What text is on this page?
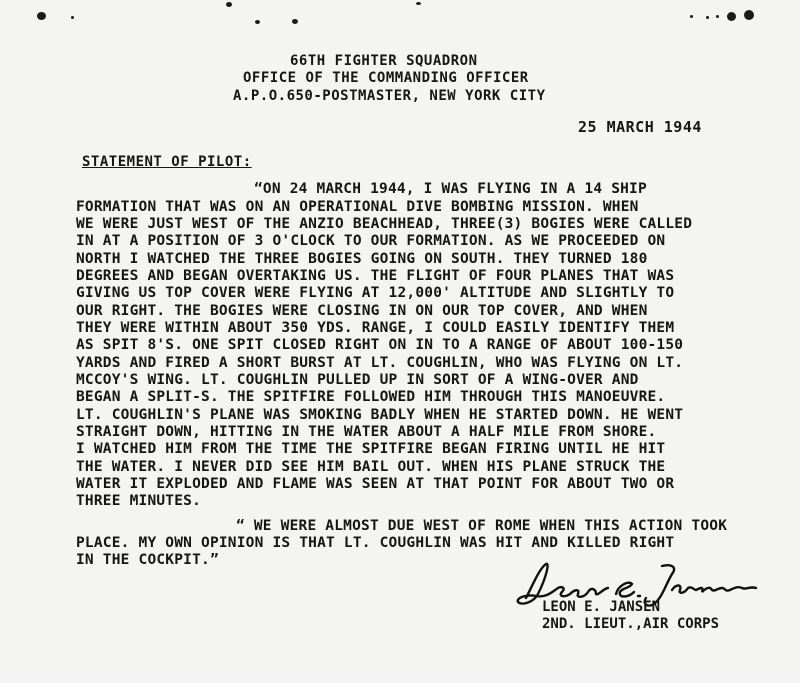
66TH FIGHTER SQUADRON
OFFICE OF THE COMMANDING OFFICER
A.P.O.650-POSTMASTER, NEW YORK CITY
25 MARCH 1944
STATEMENT OF PILOT:
“ON 24 MARCH 1944, I WAS FLYING IN A 14 SHIP
FORMATION THAT WAS ON AN OPERATIONAL DIVE BOMBING MISSION. WHEN
WE WERE JUST WEST OF THE ANZIO BEACHHEAD, THREE(3) BOGIES WERE CALLED
IN AT A POSITION OF 3 O'CLOCK TO OUR FORMATION. AS WE PROCEEDED ON
NORTH I WATCHED THE THREE BOGIES GOING ON SOUTH. THEY TURNED 180
DEGREES AND BEGAN OVERTAKING US. THE FLIGHT OF FOUR PLANES THAT WAS
GIVING US TOP COVER WERE FLYING AT 12,000' ALTITUDE AND SLIGHTLY TO
OUR RIGHT. THE BOGIES WERE CLOSING IN ON OUR TOP COVER, AND WHEN
THEY WERE WITHIN ABOUT 350 YDS. RANGE, I COULD EASILY IDENTIFY THEM
AS SPIT 8'S. ONE SPIT CLOSED RIGHT ON IN TO A RANGE OF ABOUT 100-150
YARDS AND FIRED A SHORT BURST AT LT. COUGHLIN, WHO WAS FLYING ON LT.
MCCOY'S WING. LT. COUGHLIN PULLED UP IN SORT OF A WING-OVER AND
BEGAN A SPLIT-S. THE SPITFIRE FOLLOWED HIM THROUGH THIS MANOEUVRE.
LT. COUGHLIN'S PLANE WAS SMOKING BADLY WHEN HE STARTED DOWN. HE WENT
STRAIGHT DOWN, HITTING IN THE WATER ABOUT A HALF MILE FROM SHORE.
I WATCHED HIM FROM THE TIME THE SPITFIRE BEGAN FIRING UNTIL HE HIT
THE WATER. I NEVER DID SEE HIM BAIL OUT. WHEN HIS PLANE STRUCK THE
WATER IT EXPLODED AND FLAME WAS SEEN AT THAT POINT FOR ABOUT TWO OR
THREE MINUTES.
“ WE WERE ALMOST DUE WEST OF ROME WHEN THIS ACTION TOOK
PLACE. MY OWN OPINION IS THAT LT. COUGHLIN WAS HIT AND KILLED RIGHT
IN THE COCKPIT.”
LEON E. JANSEN
2ND. LIEUT.,AIR CORPS
